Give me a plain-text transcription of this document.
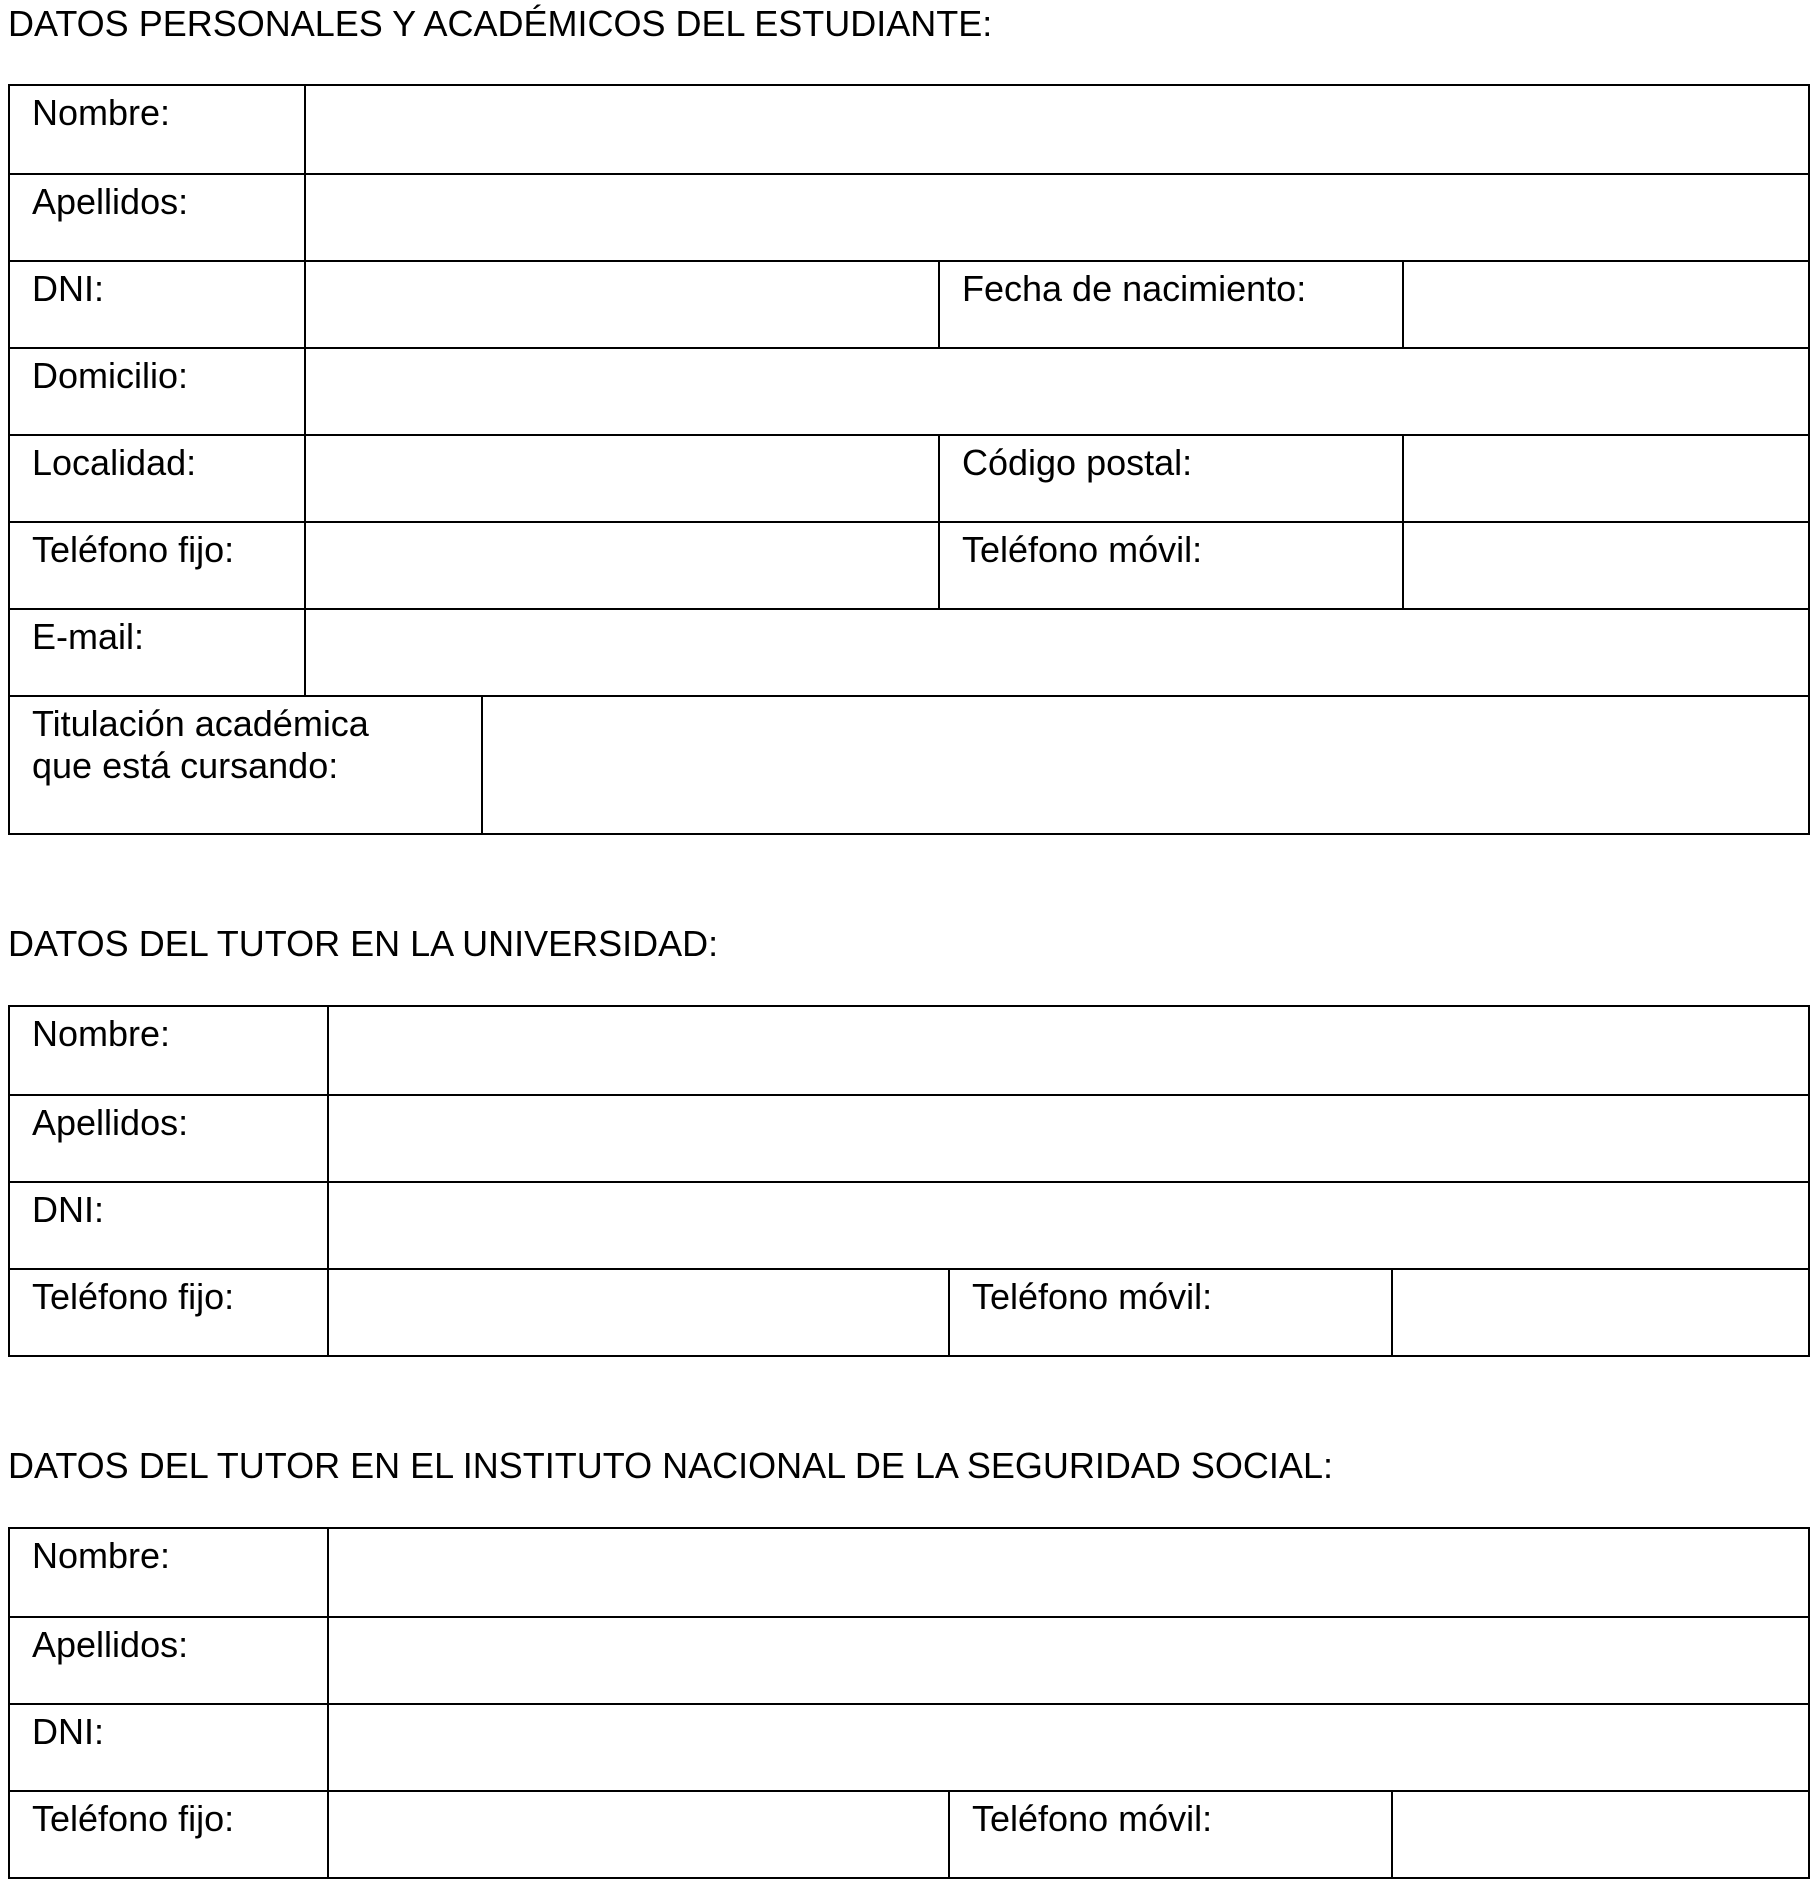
DATOS PERSONALES Y ACADÉMICOS DEL ESTUDIANTE:
Nombre:
Apellidos:
DNI:	Fecha de nacimiento:
Domicilio:
Localidad:	Código postal:
Teléfono fijo:	Teléfono móvil:
E-mail:
Titulación académica
que está cursando:
DATOS DEL TUTOR EN LA UNIVERSIDAD:
Nombre:
Apellidos:
DNI:
Teléfono fijo:	Teléfono móvil:
DATOS DEL TUTOR EN EL INSTITUTO NACIONAL DE LA SEGURIDAD SOCIAL:
Nombre:
Apellidos:
DNI:
Teléfono fijo:	Teléfono móvil:
